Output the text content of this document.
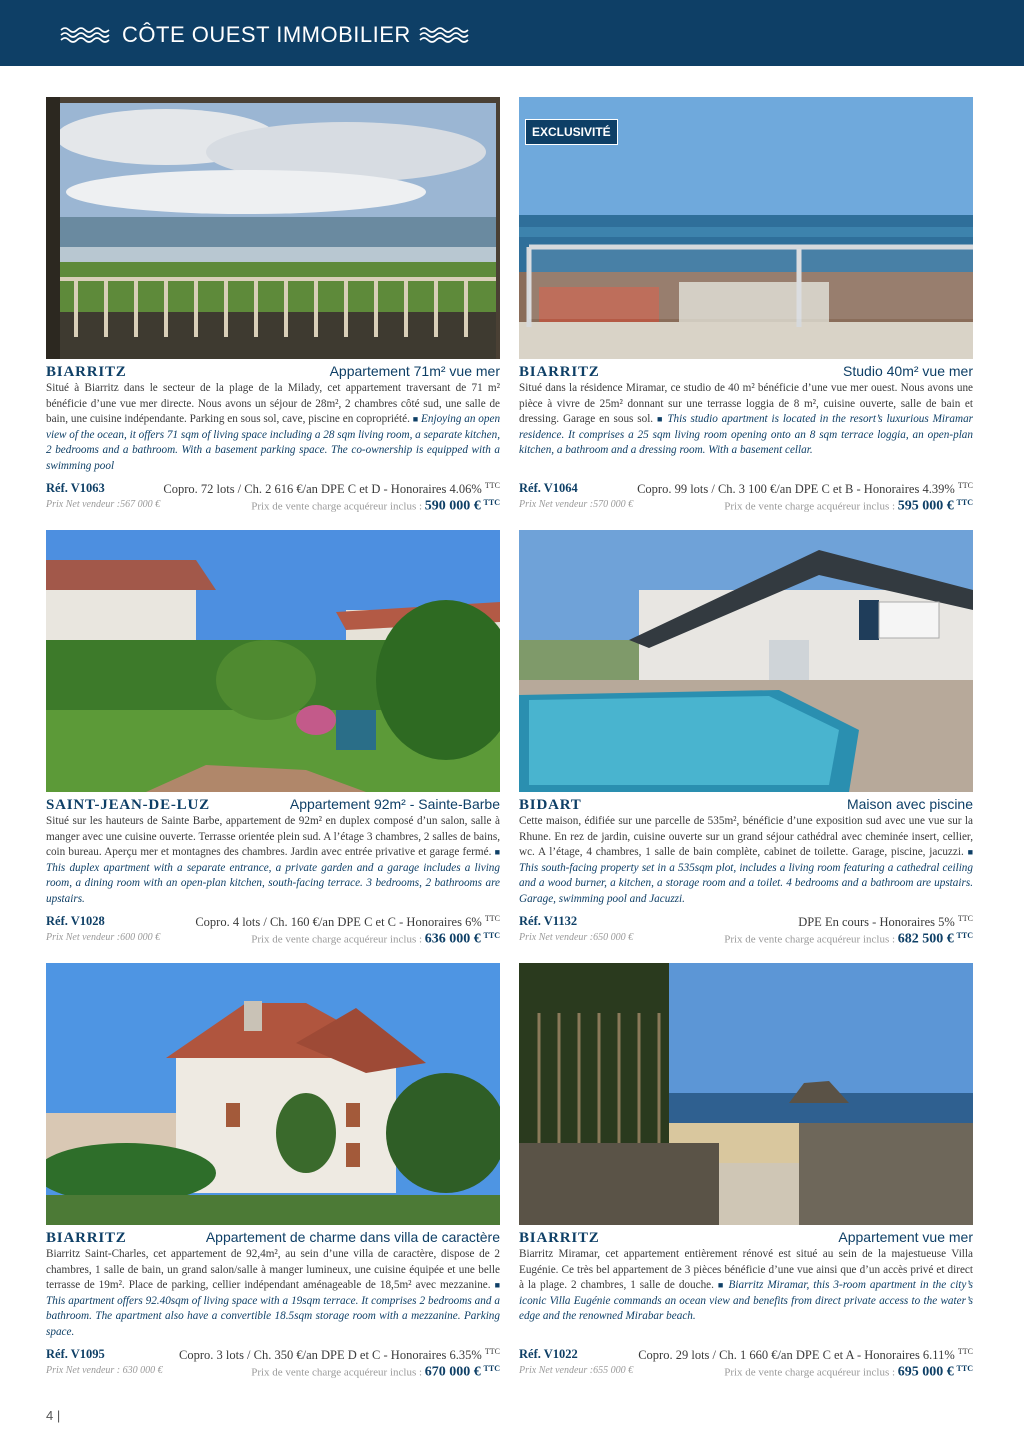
CÔTE OUEST IMMOBILIER
BIARRITZ	Appartement 71m² vue mer
Situé à Biarritz dans le secteur de la plage de la Milady, cet appartement traversant de 71 m² bénéficie d’une vue mer directe. Nous avons un séjour de 28m², 2 chambres côté sud, une salle de bain, une cuisine indépendante. Parking en sous sol, cave, piscine en copropriété. ■ Enjoying an open view of the ocean, it offers 71 sqm of living space including a 28 sqm living room, a separate kitchen, 2 bedrooms and a bathroom. With a basement parking space. The co-ownership is equipped with a swimming pool
Réf. V1063	Copro. 72 lots / Ch. 2 616 €/an DPE C et D - Honoraires 4.06% $^{TTC}$
Prix Net vendeur :567 000 €	Prix de vente charge acquéreur inclus : 590 000 € $^{TTC}$
EXCLUSIVITÉ
BIARRITZ	Studio 40m² vue mer
Situé dans la résidence Miramar, ce studio de 40 m² bénéficie d’une vue mer ouest. Nous avons une pièce à vivre de 25m² donnant sur une terrasse loggia de 8 m², cuisine ouverte, salle de bain et dressing. Garage en sous sol. ■ This studio apartment is located in the resort’s luxurious Miramar residence. It comprises a 25 sqm living room opening onto an 8 sqm terrace loggia, an open-plan kitchen, a bathroom and a dressing room. With a basement cellar.
Réf. V1064	Copro. 99 lots / Ch. 3 100 €/an DPE C et B - Honoraires 4.39% $^{TTC}$
Prix Net vendeur :570 000 €	Prix de vente charge acquéreur inclus : 595 000 € $^{TTC}$
SAINT-JEAN-DE-LUZ	Appartement 92m² - Sainte-Barbe
Situé sur les hauteurs de Sainte Barbe, appartement de 92m² en duplex composé d’un salon, salle à manger avec une cuisine ouverte. Terrasse orientée plein sud. A l’étage 3 chambres, 2 salles de bains, coin bureau. Aperçu mer et montagnes des chambres. Jardin avec entrée privative et garage fermé. ■ This duplex apartment with a separate entrance, a private garden and a garage includes a living room, a dining room with an open-plan kitchen, south-facing terrace. 3 bedrooms, 2 bathrooms are upstairs.
Réf. V1028	Copro. 4 lots / Ch. 160 €/an DPE C et C - Honoraires 6% $^{TTC}$
Prix Net vendeur :600 000 €	Prix de vente charge acquéreur inclus : 636 000 € $^{TTC}$
BIDART	Maison avec piscine
Cette maison, édifiée sur une parcelle de 535m², bénéficie d’une exposition sud avec une vue sur la Rhune. En rez de jardin, cuisine ouverte sur un grand séjour cathédral avec cheminée insert, cellier, wc. A l’étage, 4 chambres, 1 salle de bain complète, cabinet de toilette. Garage, piscine, jacuzzi. ■ This south-facing property set in a 535sqm plot, includes a living room featuring a cathedral ceiling and a wood burner, a kitchen, a storage room and a toilet. 4 bedrooms and a bathroom are upstairs. Garage, swimming pool and Jacuzzi.
Réf. V1132	DPE En cours - Honoraires 5% $^{TTC}$
Prix Net vendeur :650 000 €	Prix de vente charge acquéreur inclus : 682 500 € $^{TTC}$
BIARRITZ	Appartement de charme dans villa de caractère
Biarritz Saint-Charles, cet appartement de 92,4m², au sein d’une villa de caractère, dispose de 2 chambres, 1 salle de bain, un grand salon/salle à manger lumineux, une cuisine équipée et une belle terrasse de 19m². Place de parking, cellier indépendant aménageable de 18,5m² avec mezzanine. ■ This apartment offers 92.40sqm of living space with a 19sqm terrace. It comprises 2 bedrooms and a bathroom. The apartment also have a convertible 18.5sqm storage room with a mezzanine. Parking space.
Réf. V1095	Copro. 3 lots / Ch. 350 €/an DPE D et C - Honoraires 6.35% $^{TTC}$
Prix Net vendeur : 630 000 €	Prix de vente charge acquéreur inclus : 670 000 € $^{TTC}$
BIARRITZ	Appartement vue mer
Biarritz Miramar, cet appartement entièrement rénové est situé au sein de la majestueuse Villa Eugénie. Ce très bel appartement de 3 pièces bénéficie d’une vue ainsi que d’un accès privé et direct à la plage. 2 chambres, 1 salle de douche. ■ Biarritz Miramar, this 3-room apartment in the city’s iconic Villa Eugénie commands an ocean view and benefits from direct private access to the water’s edge and the renowned Mirabar beach.
Réf. V1022	Copro. 29 lots / Ch. 1 660 €/an DPE C et A - Honoraires 6.11% $^{TTC}$
Prix Net vendeur :655 000 €	Prix de vente charge acquéreur inclus : 695 000 € $^{TTC}$
4 |
